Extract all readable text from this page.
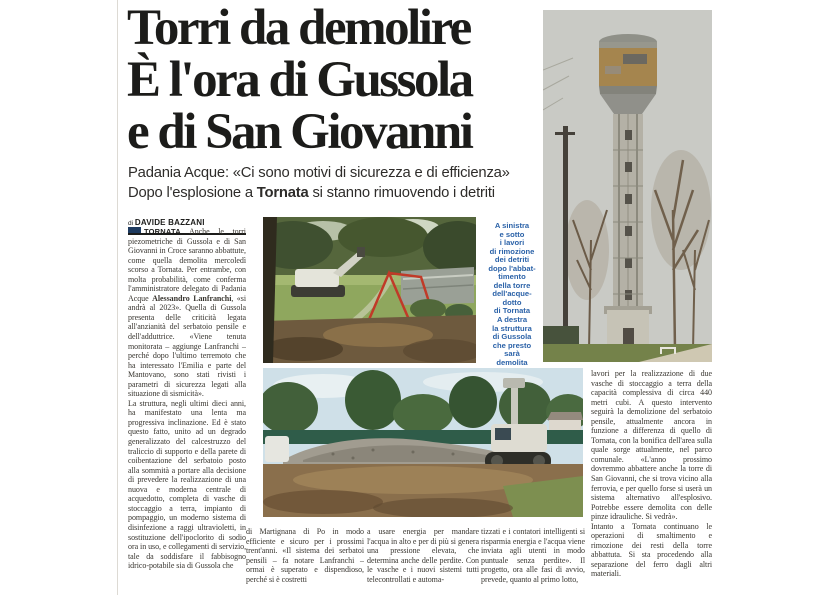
Torri da demolire
È l'ora di Gussola
e di San Giovanni
Padania Acque: «Ci sono motivi di sicurezza e di efficienza»
Dopo l'esplosione a Tornata si stanno rimuovendo i detriti
di DAVIDE BAZZANI

TORNATA Anche le torri piezometriche di Gussola e di San Giovanni in Croce saranno abbattute, come quella demolita mercoledì scorso a Tornata. Per entrambe, con molta probabilità, come conferma l'amministratore delegato di Padania Acque Alessandro Lanfranchi, «si andrà al 2023». Quella di Gussola presenta delle criticità legata all'anzianità del serbatoio pensile e dell'adduttrice. «Viene tenuta monitorata – aggiunge Lanfranchi – perché dopo l'ultimo terremoto che ha interessato l'Emilia e parte del Mantovano, sono stati rivisti i parametri di sicurezza legati alla situazione di sismicità».

La struttura, negli ultimi dieci anni, ha manifestato una lenta ma progressiva inclinazione. Ed è stato questo fatto, unito ad un degrado generalizzato del calcestruzzo del traliccio di supporto e della parete di coibentazione del serbatoio posto alla sommità a portare alla decisione di prevedere la realizzazione di una nuova e moderna centrale di acquedotto, completa di vasche di stoccaggio a terra, impianto di pompaggio, un moderno sistema di disinfezione a raggi ultravioletti, in sostituzione dell'ipoclorito di sodio ora in uso, e collegamenti di servizio, tale da soddisfare il fabbisogno idrico-potabile sia di Gussola che

A sinistra
e sotto
i lavori
di rimozione
dei detriti
dopo l'abbat-
timento
della torre
dell'acque-
dotto
di Tornata
A destra
la struttura
di Gussola
che presto
sarà
demolita
di Martignana di Po in modo efficiente e sicuro per i prossimi trent'anni. «Il sistema dei serbatoi pensili – fa notare Lanfranchi – ormai è superato e dispendioso, perché si è costretti
a usare energia per mandare l'acqua in alto e per di più si genera una pressione elevata, che determina anche delle perdite. Con le vasche e i nuovi sistemi tutti telecontrollati e automa-
tizzati e i contatori intelligenti si risparmia energia e l'acqua viene inviata agli utenti in modo puntuale senza perdite». Il progetto, ora alle fasi di avvio, prevede, quanto al primo lotto,

lavori per la realizzazione di due vasche di stoccaggio a terra della capacità complessiva di circa 440 metri cubi. A questo intervento seguirà la demolizione del serbatoio pensile, attualmente ancora in funzione a differenza di quello di Tornata, con la bonifica dell'area sulla quale sorge attualmente, nel parco comunale. «L'anno prossimo dovremmo abbattere anche la torre di San Giovanni, che si trova vicino alla ferrovia, e per quello forse si userà un sistema alternativo all'esplosivo. Potrebbe essere demolita con delle pinze idrauliche. Si vedrà».

Intanto a Tornata continuano le operazioni di smaltimento e rimozione dei resti della torre abbattuta. Si sta procedendo alla separazione del ferro dagli altri materiali.
